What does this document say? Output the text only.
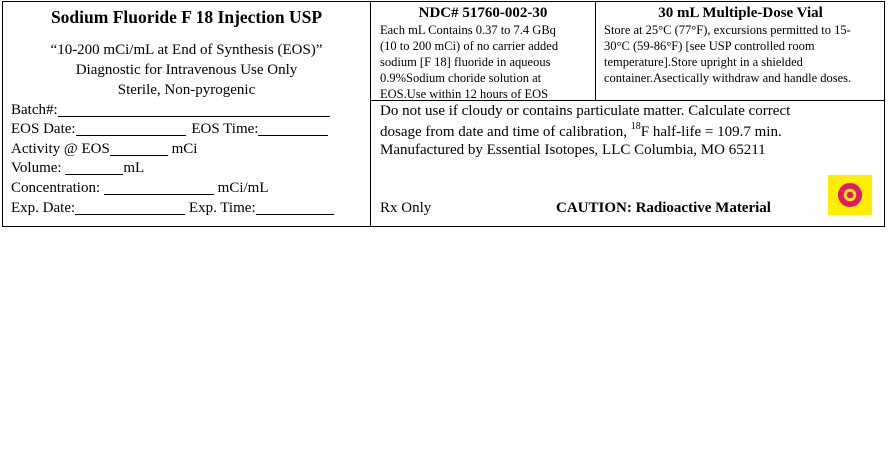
Sodium Fluoride F 18 Injection USP
“10-200 mCi/mL at End of Synthesis (EOS)”
Diagnostic for Intravenous Use Only
Sterile, Non-pyrogenic
Batch#:
EOS Date:	EOS Time:
Activity @ EOS	mCi
Volume:	mL
Concentration:	mCi/mL
Exp. Date:	Exp. Time:
NDC# 51760-002-30
Each mL Contains 0.37 to 7.4 GBq
(10 to 200 mCi) of no carrier added
sodium [F 18] fluoride in aqueous
0.9%Sodium choride solution at
EOS.Use within 12 hours of EOS
30 mL Multiple-Dose Vial
Store at 25°C (77°F), excursions permitted to 15-
30°C (59-86°F) [see USP controlled room
temperature].Store upright in a shielded
container.Asectically withdraw and handle doses.
Do not use if cloudy or contains particulate matter. Calculate correct
dosage from date and time of calibration, $^{18}$F half-life = 109.7 min.
Manufactured by Essential Isotopes, LLC Columbia, MO 65211
Rx Only	CAUTION: Radioactive Material
